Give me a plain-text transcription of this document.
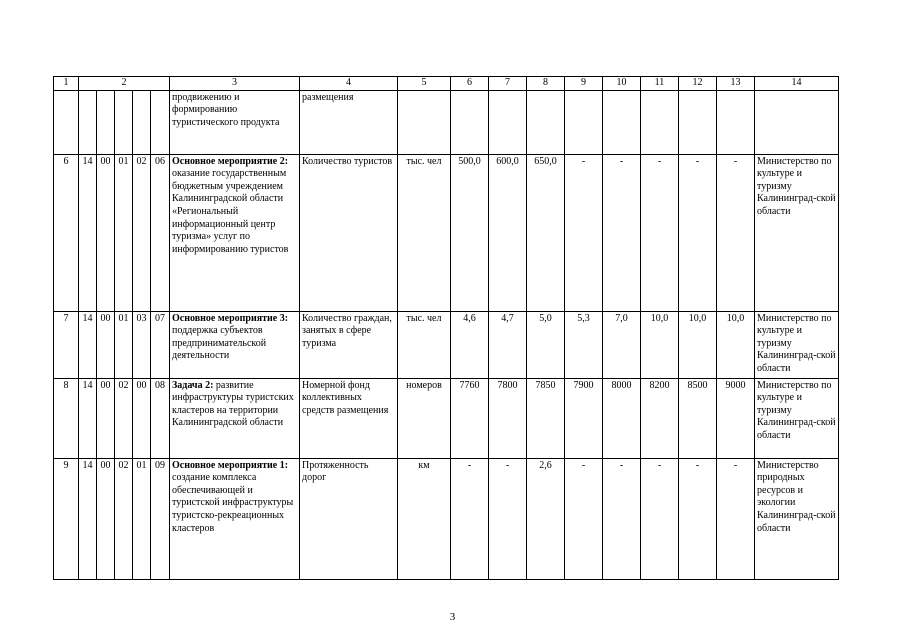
1	2					3	4	5	6	7	8	9	10	11	12	13	14
						продвижению и формированию туристического продукта	размещения										
6	14	00	01	02	06	Основное мероприятие 2: оказание государственным бюджетным учреждением Калининградской области «Региональный информационный центр туризма» услуг по информированию туристов	Количество туристов	тыс. чел	500,0	600,0	650,0	-	-	-	-	-	Министерство по культуре и туризму Калининград-ской области
7	14	00	01	03	07	Основное мероприятие 3: поддержка субъектов предпринимательской деятельности	Количество граждан, занятых в сфере туризма	тыс. чел	4,6	4,7	5,0	5,3	7,0	10,0	10,0	10,0	Министерство по культуре и туризму Калининград-ской области
8	14	00	02	00	08	Задача 2: развитие инфраструктуры туристских кластеров на территории Калининградской области	Номерной фонд коллективных средств размещения	номеров	7760	7800	7850	7900	8000	8200	8500	9000	Министерство по культуре и туризму Калининград-ской области
9	14	00	02	01	09	Основное мероприятие 1: создание комплекса обеспечивающей и туристской инфраструктуры туристско-рекреационных кластеров	Протяженность дорог	км	-	-	2,6	-	-	-	-	-	Министерство природных ресурсов и экологии Калининград-ской области
3
